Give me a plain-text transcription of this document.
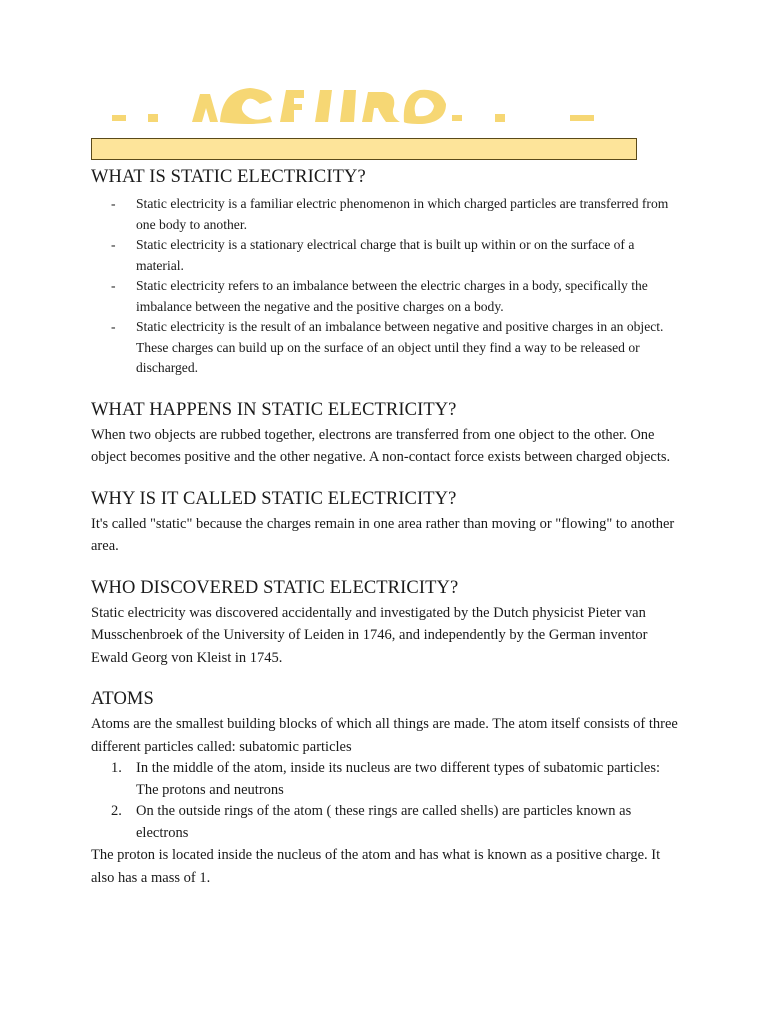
WHAT IS STATIC ELECTRICITY?
- Static electricity is a familiar electric phenomenon in which charged particles are transferred from one body to another.
- Static electricity is a stationary electrical charge that is built up within or on the surface of a material.
- Static electricity refers to an imbalance between the electric charges in a body, specifically the imbalance between the negative and the positive charges on a body.
- Static electricity is the result of an imbalance between negative and positive charges in an object. These charges can build up on the surface of an object until they find a way to be released or discharged.
WHAT HAPPENS IN STATIC ELECTRICITY?

When two objects are rubbed together, electrons are transferred from one object to the other. One object becomes positive and the other negative. A non-contact force exists between charged objects.

WHY IS IT CALLED STATIC ELECTRICITY?

It's called "static" because the charges remain in one area rather than moving or "flowing" to another area.

WHO DISCOVERED STATIC ELECTRICITY?

Static electricity was discovered accidentally and investigated by the Dutch physicist Pieter van Musschenbroek of the University of Leiden in 1746, and independently by the German inventor Ewald Georg von Kleist in 1745.

ATOMS

Atoms are the smallest building blocks of which all things are made. The atom itself consists of three different particles called: subatomic particles

1. In the middle of the atom, inside its nucleus are two different types of subatomic particles: The protons and neutrons
2. On the outside rings of the atom ( these rings are called shells) are particles known as electrons

The proton is located inside the nucleus of the atom and has what is known as a positive charge. It also has a mass of 1.
